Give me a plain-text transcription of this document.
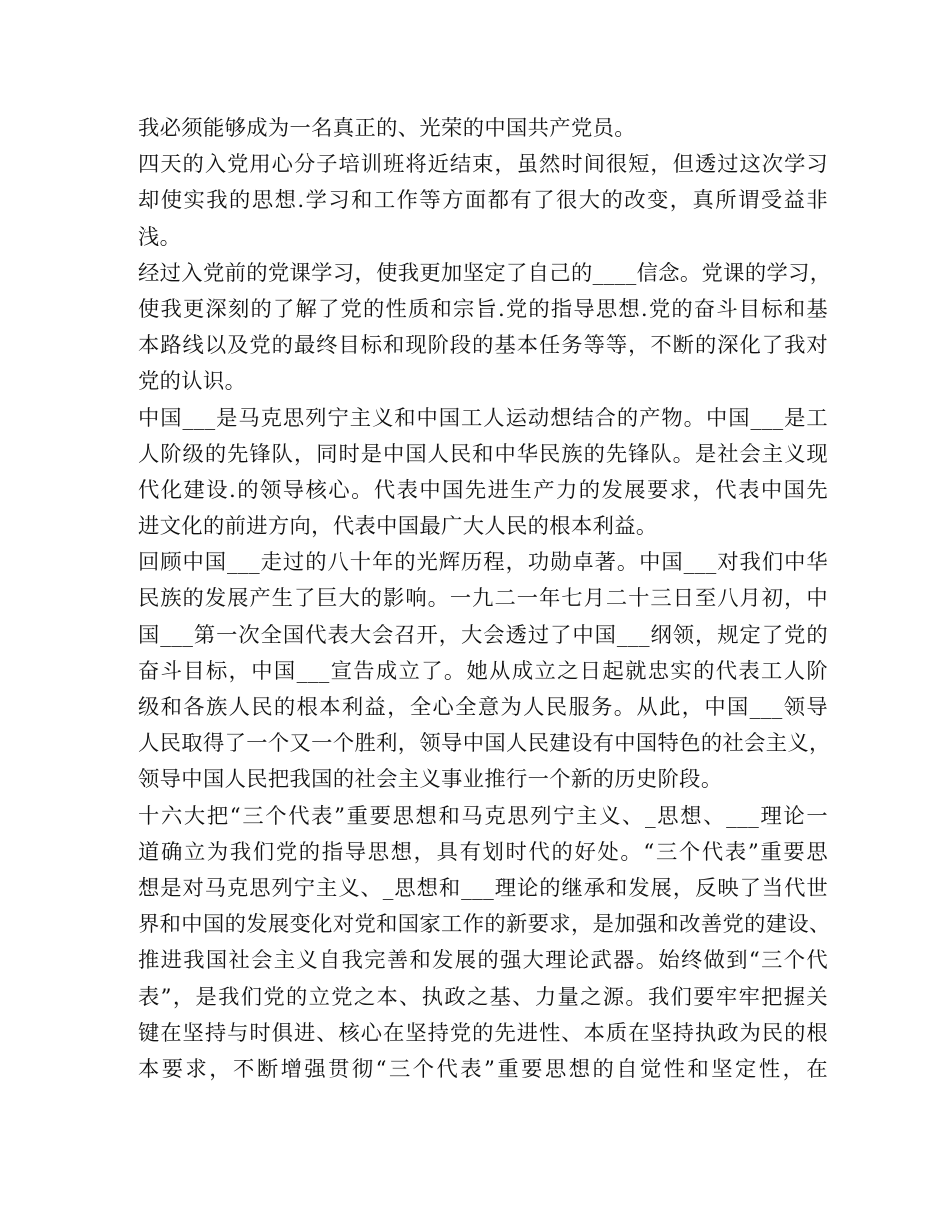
我必须能够成为一名真正的、光荣的中国共产党员。
四天的入党用心分子培训班将近结束，虽然时间很短，但透过这次学习
却使实我的思想.学习和工作等方面都有了很大的改变，真所谓受益非
浅。
经过入党前的党课学习，使我更加坚定了自己的____信念。党课的学习，
使我更深刻的了解了党的性质和宗旨.党的指导思想.党的奋斗目标和基
本路线以及党的最终目标和现阶段的基本任务等等，不断的深化了我对
党的认识。
中国___是马克思列宁主义和中国工人运动想结合的产物。中国___是工
人阶级的先锋队，同时是中国人民和中华民族的先锋队。是社会主义现
代化建设.的领导核心。代表中国先进生产力的发展要求，代表中国先
进文化的前进方向，代表中国最广大人民的根本利益。
回顾中国___走过的八十年的光辉历程，功勋卓著。中国___对我们中华
民族的发展产生了巨大的影响。一九二一年七月二十三日至八月初，中
国___第一次全国代表大会召开，大会透过了中国___纲领，规定了党的
奋斗目标，中国___宣告成立了。她从成立之日起就忠实的代表工人阶
级和各族人民的根本利益，全心全意为人民服务。从此，中国___领导
人民取得了一个又一个胜利，领导中国人民建设有中国特色的社会主义，
领导中国人民把我国的社会主义事业推行一个新的历史阶段。
十六大把“三个代表”重要思想和马克思列宁主义、_思想、___理论一
道确立为我们党的指导思想，具有划时代的好处。“三个代表”重要思
想是对马克思列宁主义、_思想和___理论的继承和发展，反映了当代世
界和中国的发展变化对党和国家工作的新要求，是加强和改善党的建设、
推进我国社会主义自我完善和发展的强大理论武器。始终做到“三个代
表”，是我们党的立党之本、执政之基、力量之源。我们要牢牢把握关
键在坚持与时俱进、核心在坚持党的先进性、本质在坚持执政为民的根
本要求，不断增强贯彻“三个代表”重要思想的自觉性和坚定性，在
